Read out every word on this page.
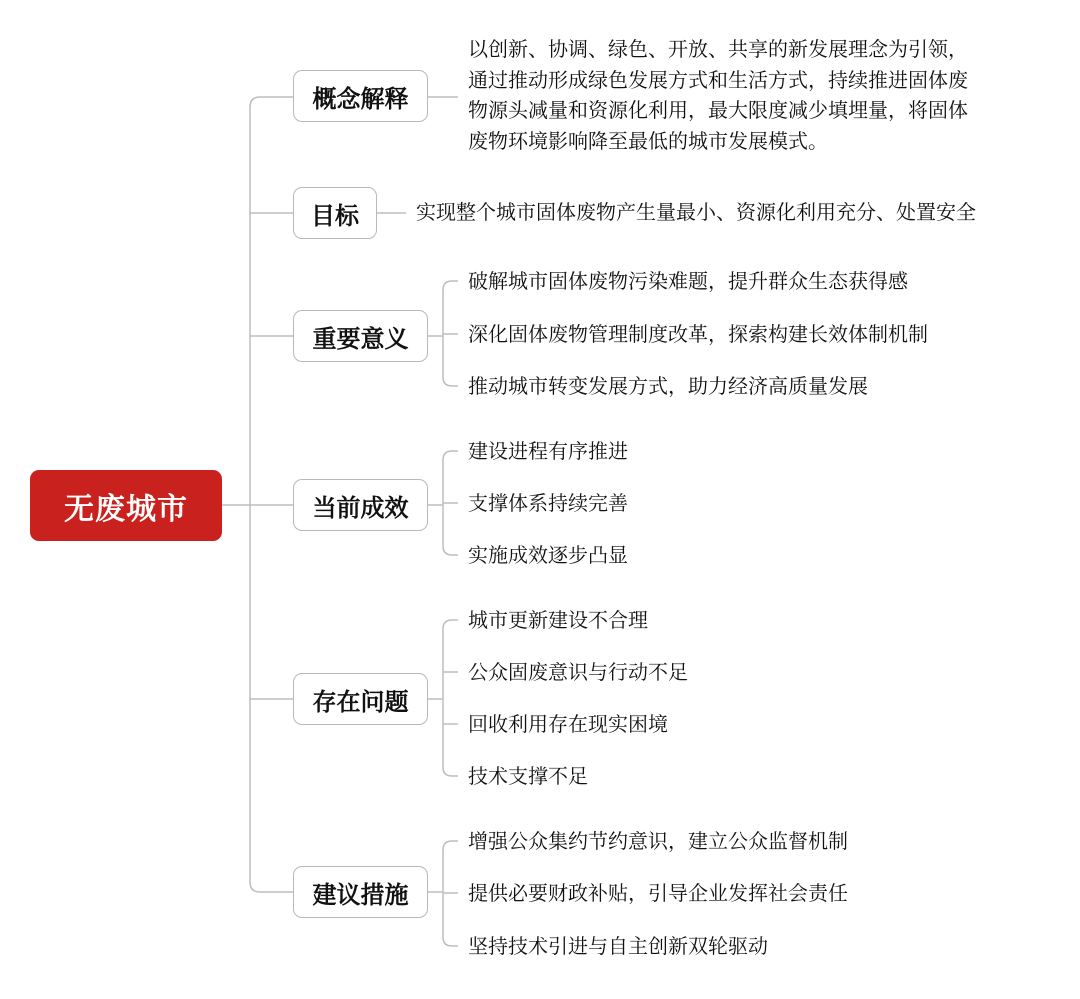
无废城市
概念解释
目标
重要意义
当前成效
存在问题
建议措施
以创新、协调、绿色、开放、共享的新发展理念为引领，
通过推动形成绿色发展方式和生活方式，持续推进固体废
物源头减量和资源化利用，最大限度减少填埋量，将固体
废物环境影响降至最低的城市发展模式。
实现整个城市固体废物产生量最小、资源化利用充分、处置安全
破解城市固体废物污染难题，提升群众生态获得感
深化固体废物管理制度改革，探索构建长效体制机制
推动城市转变发展方式，助力经济高质量发展
建设进程有序推进
支撑体系持续完善
实施成效逐步凸显
城市更新建设不合理
公众固废意识与行动不足
回收利用存在现实困境
技术支撑不足
增强公众集约节约意识，建立公众监督机制
提供必要财政补贴，引导企业发挥社会责任
坚持技术引进与自主创新双轮驱动
